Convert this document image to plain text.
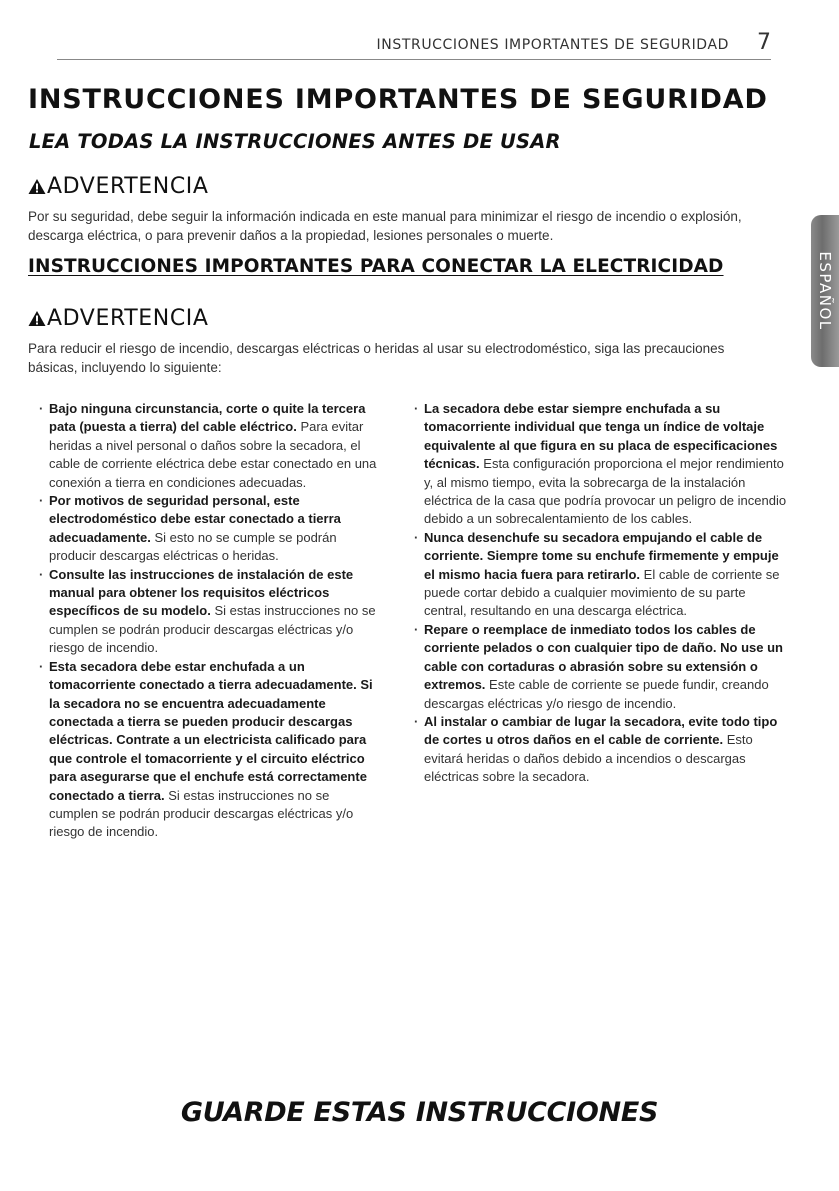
INSTRUCCIONES IMPORTANTES DE SEGURIDAD 7
INSTRUCCIONES IMPORTANTES DE SEGURIDAD
LEA TODAS LA INSTRUCCIONES ANTES DE USAR
ADVERTENCIA
Por su seguridad, debe seguir la información indicada en este manual para minimizar el riesgo de incendio o explosión, descarga eléctrica, o para prevenir daños a la propiedad, lesiones personales o muerte.
INSTRUCCIONES IMPORTANTES PARA CONECTAR LA ELECTRICIDAD	ESPAÑOL
ADVERTENCIA
Para reducir el riesgo de incendio, descargas eléctricas o heridas al usar su electrodoméstico, siga las precauciones básicas, incluyendo lo siguiente:
· Bajo ninguna circunstancia, corte o quite la tercera pata (puesta a tierra) del cable eléctrico. Para evitar heridas a nivel personal o daños sobre la secadora, el cable de corriente eléctrica debe estar conectado en una conexión a tierra en condiciones adecuadas.
· Por motivos de seguridad personal, este electrodoméstico debe estar conectado a tierra adecuadamente. Si esto no se cumple se podrán producir descargas eléctricas o heridas.
· Consulte las instrucciones de instalación de este manual para obtener los requisitos eléctricos específicos de su modelo. Si estas instrucciones no se cumplen se podrán producir descargas eléctricas y/o riesgo de incendio.
· Esta secadora debe estar enchufada a un tomacorriente conectado a tierra adecuadamente. Si la secadora no se encuentra adecuadamente conectada a tierra se pueden producir descargas eléctricas. Contrate a un electricista calificado para que controle el tomacorriente y el circuito eléctrico para asegurarse que el enchufe está correctamente conectado a tierra. Si estas instrucciones no se cumplen se podrán producir descargas eléctricas y/o riesgo de incendio.
· La secadora debe estar siempre enchufada a su tomacorriente individual que tenga un índice de voltaje equivalente al que figura en su placa de especificaciones técnicas. Esta configuración proporciona el mejor rendimiento y, al mismo tiempo, evita la sobrecarga de la instalación eléctrica de la casa que podría provocar un peligro de incendio debido a un sobrecalentamiento de los cables.
· Nunca desenchufe su secadora empujando el cable de corriente. Siempre tome su enchufe firmemente y empuje el mismo hacia fuera para retirarlo. El cable de corriente se puede cortar debido a cualquier movimiento de su parte central, resultando en una descarga eléctrica.
· Repare o reemplace de inmediato todos los cables de corriente pelados o con cualquier tipo de daño. No use un cable con cortaduras o abrasión sobre su extensión o extremos. Este cable de corriente se puede fundir, creando descargas eléctricas y/o riesgo de incendio.
· Al instalar o cambiar de lugar la secadora, evite todo tipo de cortes u otros daños en el cable de corriente. Esto evitará heridas o daños debido a incendios o descargas eléctricas sobre la secadora.
GUARDE ESTAS INSTRUCCIONES
